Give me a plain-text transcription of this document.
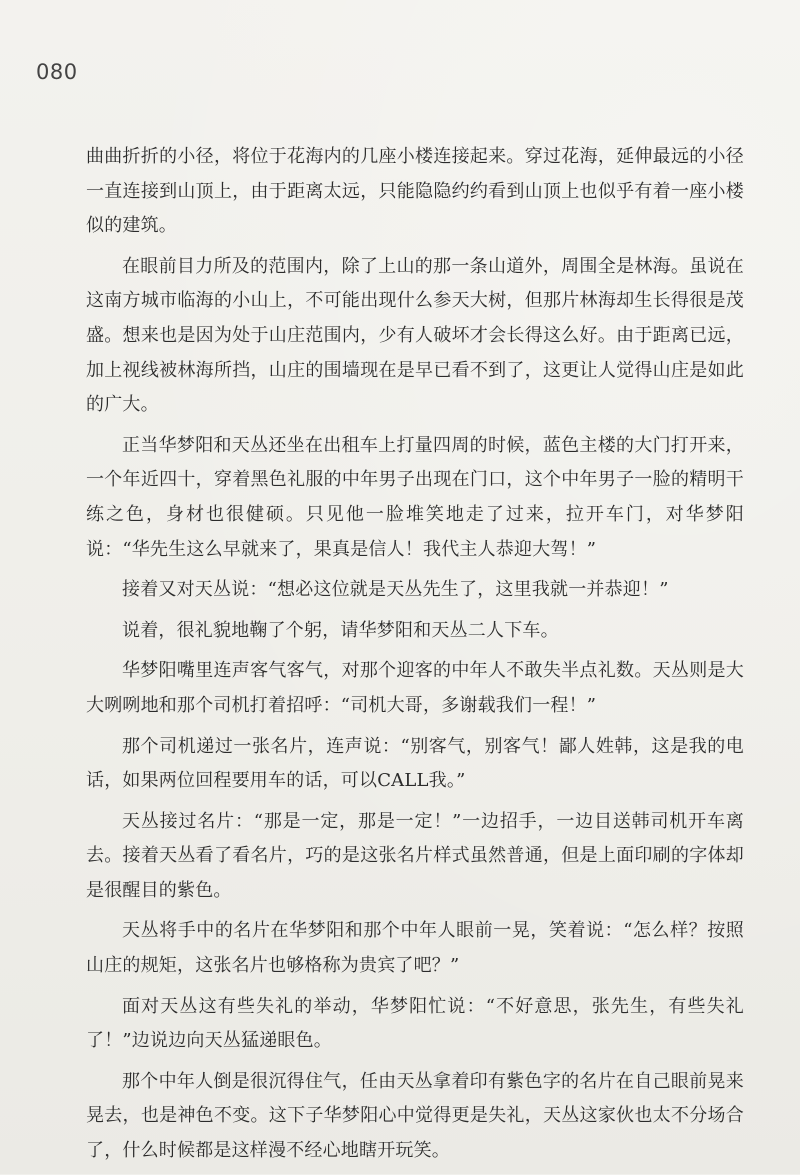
080

曲曲折折的小径，将位于花海内的几座小楼连接起来。穿过花海，延伸最远的小径一直连接到山顶上，由于距离太远，只能隐隐约约看到山顶上也似乎有着一座小楼似的建筑。

在眼前目力所及的范围内，除了上山的那一条山道外，周围全是林海。虽说在这南方城市临海的小山上，不可能出现什么参天大树，但那片林海却生长得很是茂盛。想来也是因为处于山庄范围内，少有人破坏才会长得这么好。由于距离已远，加上视线被林海所挡，山庄的围墙现在是早已看不到了，这更让人觉得山庄是如此的广大。

正当华梦阳和天丛还坐在出租车上打量四周的时候，蓝色主楼的大门打开来，一个年近四十，穿着黑色礼服的中年男子出现在门口，这个中年男子一脸的精明干练之色，身材也很健硕。只见他一脸堆笑地走了过来，拉开车门，对华梦阳说：“华先生这么早就来了，果真是信人！我代主人恭迎大驾！”

接着又对天丛说：“想必这位就是天丛先生了，这里我就一并恭迎！”

说着，很礼貌地鞠了个躬，请华梦阳和天丛二人下车。

华梦阳嘴里连声客气客气，对那个迎客的中年人不敢失半点礼数。天丛则是大大咧咧地和那个司机打着招呼：“司机大哥，多谢载我们一程！”

那个司机递过一张名片，连声说：“别客气，别客气！鄙人姓韩，这是我的电话，如果两位回程要用车的话，可以CALL我。”

天丛接过名片：“那是一定，那是一定！”一边招手，一边目送韩司机开车离去。接着天丛看了看名片，巧的是这张名片样式虽然普通，但是上面印刷的字体却是很醒目的紫色。

天丛将手中的名片在华梦阳和那个中年人眼前一晃，笑着说：“怎么样？按照山庄的规矩，这张名片也够格称为贵宾了吧？”

面对天丛这有些失礼的举动，华梦阳忙说：“不好意思，张先生，有些失礼了！”边说边向天丛猛递眼色。

那个中年人倒是很沉得住气，任由天丛拿着印有紫色字的名片在自己眼前晃来晃去，也是神色不变。这下子华梦阳心中觉得更是失礼，天丛这家伙也太不分场合了，什么时候都是这样漫不经心地瞎开玩笑。
